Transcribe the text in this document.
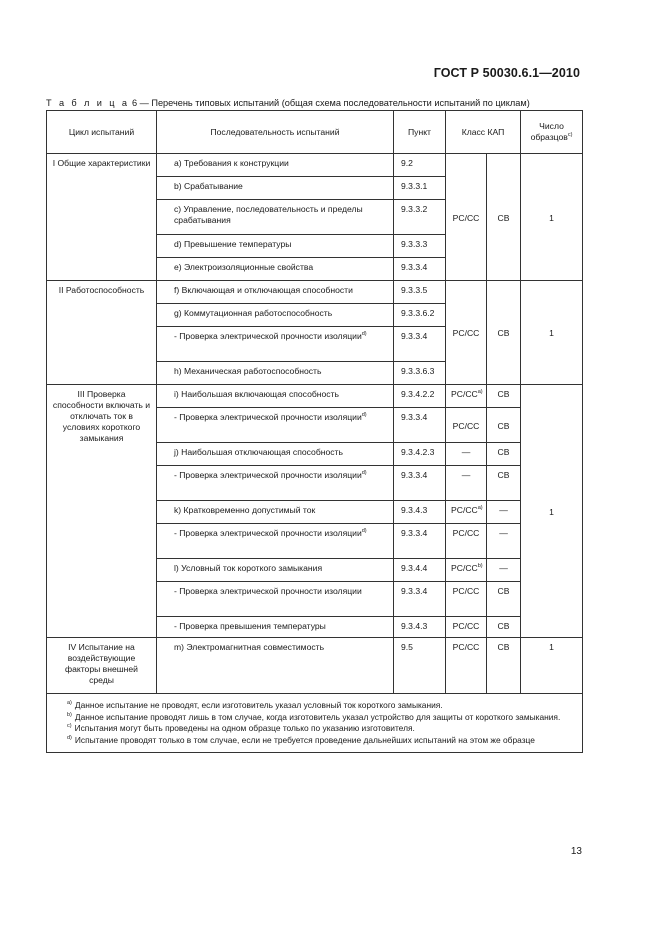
ГОСТ Р 50030.6.1—2010
Т а б л и ц а 6 — Перечень типовых испытаний (общая схема последовательности испытаний по циклам)
Цикл испытаний	Последовательность испытаний	Пункт	Класс КАП		Число образцов$^{c)}$
I Общие характеристики	a) Требования к конструкции	9.2	PC/CC	CB	1
	b) Срабатывание	9.3.3.1			
	c) Управление, последовательность и пределы срабатывания	9.3.3.2			
	d) Превышение температуры	9.3.3.3			
	e) Электроизоляционные свойства	9.3.3.4			
II Работоспособность	f) Включающая и отключающая способности	9.3.3.5	PC/CC	CB	1
	g) Коммутационная работоспособность	9.3.3.6.2			
	- Проверка электрической прочности изоляции$^{d)}$	9.3.3.4			
	h) Механическая работоспособность	9.3.3.6.3			
III Проверка способности включать и отключать ток в условиях короткого замыкания	i) Наибольшая включающая способность	9.3.4.2.2	PC/CC$^{a)}$	CB	1
	- Проверка электрической прочности изоляции$^{d)}$	9.3.3.4	PC/CC	CB	
	j) Наибольшая отключающая способность	9.3.4.2.3	—	CB	
	- Проверка электрической прочности изоляции$^{d)}$	9.3.3.4	—	CB	
	k) Кратковременно допустимый ток	9.3.4.3	PC/CC$^{a)}$	—	
	- Проверка электрической прочности изоляции$^{d)}$	9.3.3.4	PC/CC	—	
	l) Условный ток короткого замыкания	9.3.4.4	PC/CC$^{b)}$	—	
	- Проверка электрической прочности изоляции	9.3.3.4	PC/CC	CB	
	- Проверка превышения температуры	9.3.4.3	PC/CC	CB	
IV Испытание на воздействующие факторы внешней среды	m) Электромагнитная совместимость	9.5	PC/CC	CB	1

$^{a)}$ Данное испытание не проводят, если изготовитель указал условный ток короткого замыкания.
$^{b)}$ Данное испытание проводят лишь в том случае, когда изготовитель указал устройство для защиты от короткого замыкания.
$^{c)}$ Испытания могут быть проведены на одном образце только по указанию изготовителя.
$^{d)}$ Испытание проводят только в том случае, если не требуется проведение дальнейших испытаний на этом же образце					
13
